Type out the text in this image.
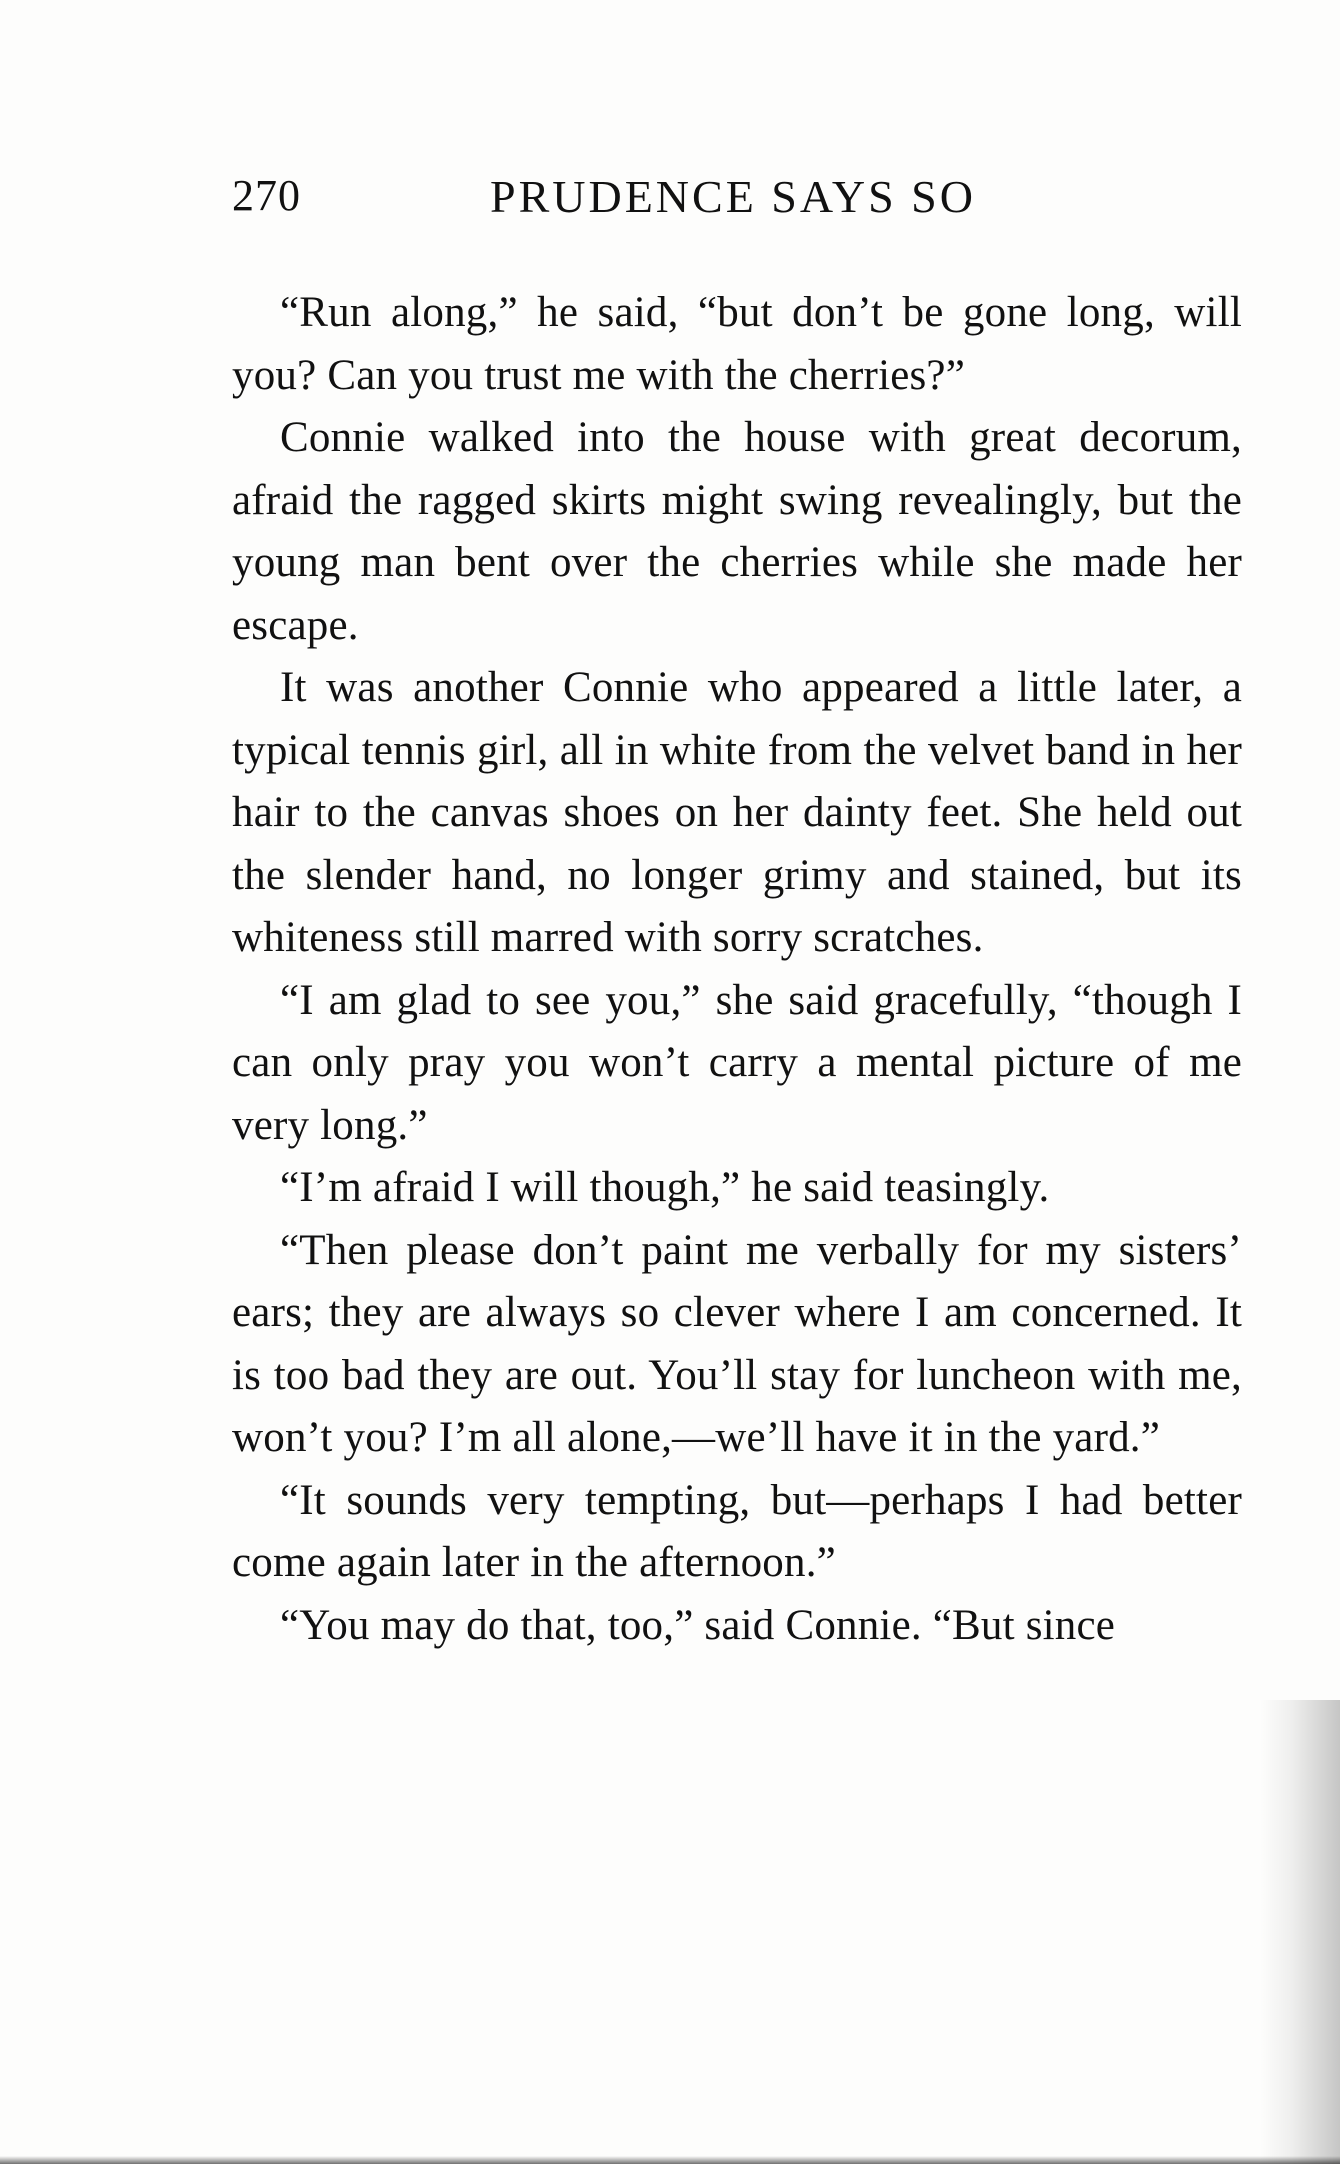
270	PRUDENCE SAYS SO

“Run along,” he said, “but don’t be gone long, will you? Can you trust me with the cherries?”

Connie walked into the house with great decorum, afraid the ragged skirts might swing revealingly, but the young man bent over the cherries while she made her escape.

It was another Connie who appeared a little later, a typical tennis girl, all in white from the velvet band in her hair to the canvas shoes on her dainty feet. She held out the slender hand, no longer grimy and stained, but its whiteness still marred with sorry scratches.

“I am glad to see you,” she said gracefully, “though I can only pray you won’t carry a mental picture of me very long.”

“I’m afraid I will though,” he said teasingly.

“Then please don’t paint me verbally for my sisters’ ears; they are always so clever where I am concerned. It is too bad they are out. You’ll stay for luncheon with me, won’t you? I’m all alone,—we’ll have it in the yard.”

“It sounds very tempting, but—perhaps I had better come again later in the afternoon.”

“You may do that, too,” said Connie. “But since
